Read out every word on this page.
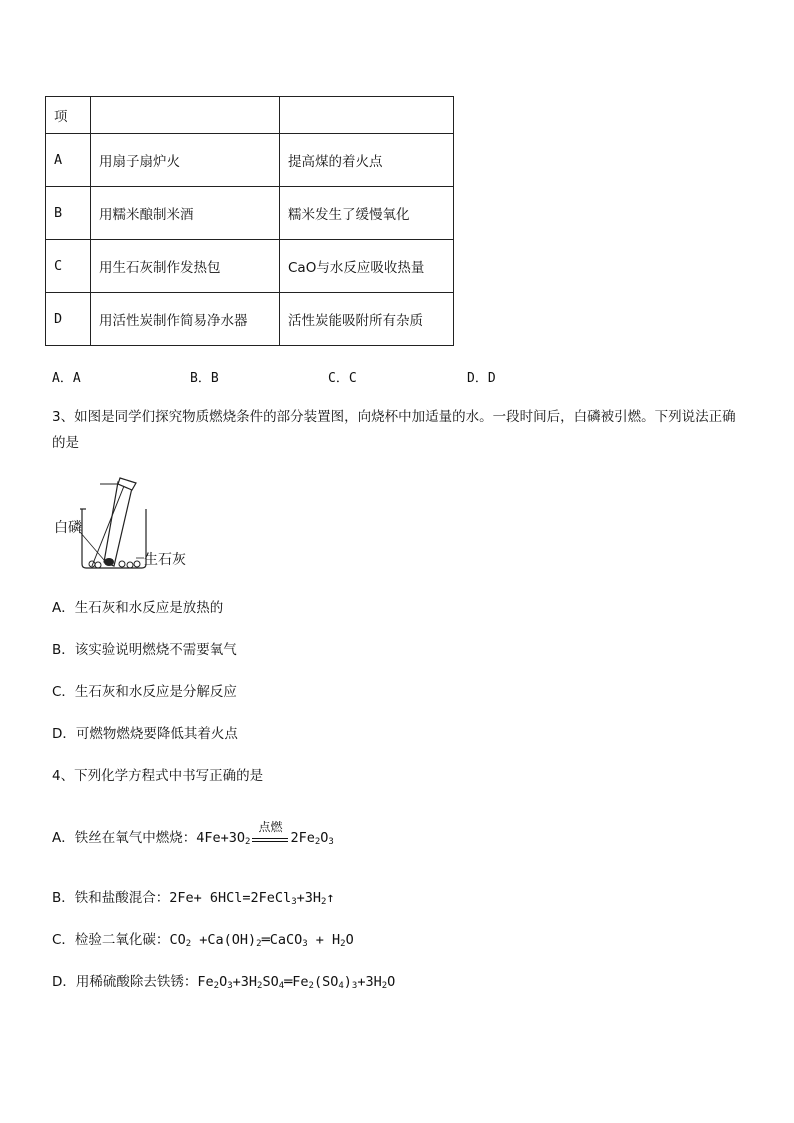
项		
A	用扇子扇炉火	提高煤的着火点
B	用糯米酿制米酒	糯米发生了缓慢氧化
C	用生石灰制作发热包	CaO与水反应吸收热量
D	用活性炭制作简易净水器	活性炭能吸附所有杂质
A．A	B．B	C．C	D．D
3、如图是同学们探究物质燃烧条件的部分装置图，向烧杯中加适量的水。一段时间后，白磷被引燃。下列说法正确的是
白磷
生石灰
A．生石灰和水反应是放热的
B．该实验说明燃烧不需要氧气
C．生石灰和水反应是分解反应
D．可燃物燃烧要降低其着火点
4、下列化学方程式中书写正确的是
A．铁丝在氧气中燃烧：$4Fe+3O_2$
点燃
$2Fe_2O_3$
B．铁和盐酸混合：$2Fe+ 6HCl=2FeCl_3+3H_2↑$
C．检验二氧化碳：$CO_2$ $+Ca(OH)_2═CaCO_3 + H_2O$
D．用稀硫酸除去铁锈：$Fe_2O_3+3H_2SO_4═Fe_2(SO_4)_3+3H_2O$
